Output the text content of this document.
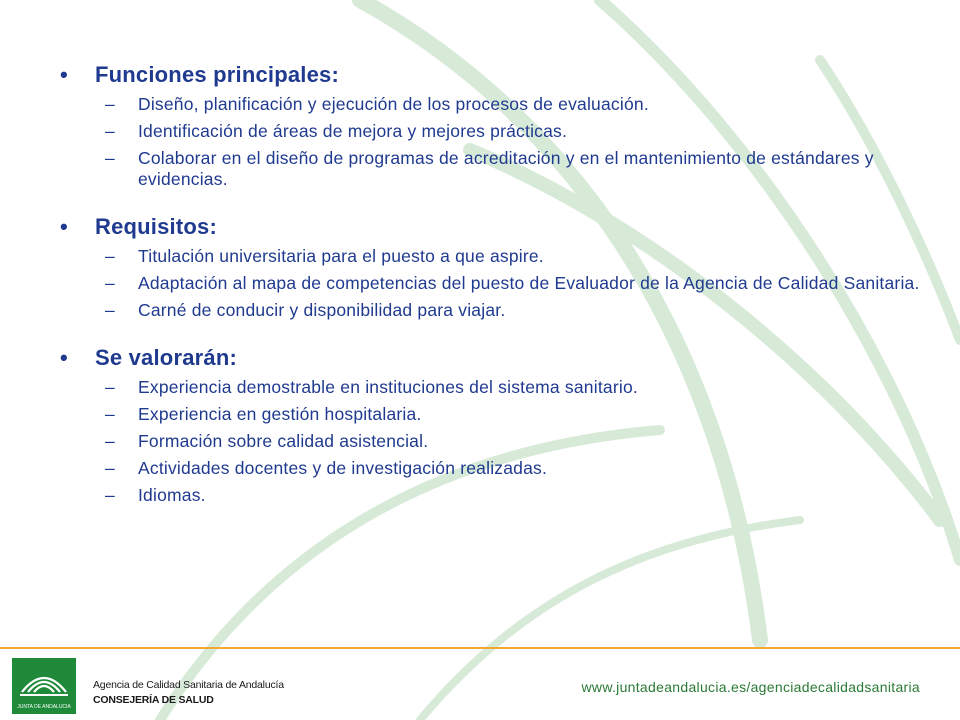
•	Funciones principales:
–	Diseño, planificación y ejecución de los procesos de evaluación.
–	Identificación de áreas de mejora y mejores prácticas.
–	Colaborar en el diseño de programas de acreditación y en el mantenimiento de estándares y evidencias.
•	Requisitos:
–	Titulación universitaria para el puesto a que aspire.
–	Adaptación al mapa de competencias del puesto de Evaluador de la Agencia de Calidad Sanitaria.
–	Carné de conducir y disponibilidad para viajar.
•	Se valorarán:
–	Experiencia demostrable en instituciones del sistema sanitario.
–	Experiencia en gestión hospitalaria.
–	Formación sobre calidad asistencial.
–	Actividades docentes y de investigación realizadas.
–	Idiomas.
JUNTA DE ANDALUCIA
Agencia de Calidad Sanitaria de Andalucía
CONSEJERÍA DE SALUD
www.juntadeandalucia.es/agenciadecalidadsanitaria
